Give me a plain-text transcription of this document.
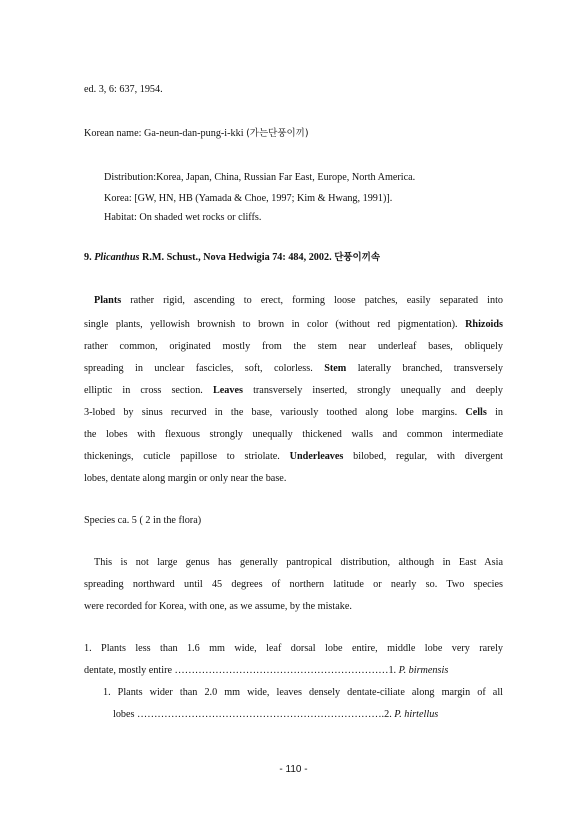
ed. 3, 6: 637, 1954.
Korean name: Ga-neun-dan-pung-i-kki (가는단풍이끼)
Distribution:Korea, Japan, China, Russian Far East, Europe, North America.
Korea: [GW, HN, HB (Yamada & Choe, 1997; Kim & Hwang, 1991)].
Habitat: On shaded wet rocks or cliffs.
9. Plicanthus R.M. Schust., Nova Hedwigia 74: 484, 2002. 단풍이끼속
Plants rather rigid, ascending to erect, forming loose patches, easily separated into
single plants, yellowish brownish to brown in color (without red pigmentation). Rhizoids
rather common, originated mostly from the stem near underleaf bases, obliquely
spreading in unclear fascicles, soft, colorless. Stem laterally branched, transversely
elliptic in cross section. Leaves transversely inserted, strongly unequally and deeply
3-lobed by sinus recurved in the base, variously toothed along lobe margins. Cells in
the lobes with flexuous strongly unequally thickened walls and common intermediate
thickenings, cuticle papillose to striolate. Underleaves bilobed, regular, with divergent
lobes, dentate along margin or only near the base.
Species ca. 5 ( 2 in the flora)
This is not large genus has generally pantropical distribution, although in East Asia
spreading northward until 45 degrees of northern latitude or nearly so. Two species
were recorded for Korea, with one, as we assume, by the mistake.
1. Plants less than 1.6 mm wide, leaf dorsal lobe entire, middle lobe very rarely
dentate, mostly entire ………………………………………………………1. P. birmensis
1. Plants wider than 2.0 mm wide, leaves densely dentate-ciliate along margin of all
lobes ……………………………………………………………….2. P. hirtellus
- 110 -
